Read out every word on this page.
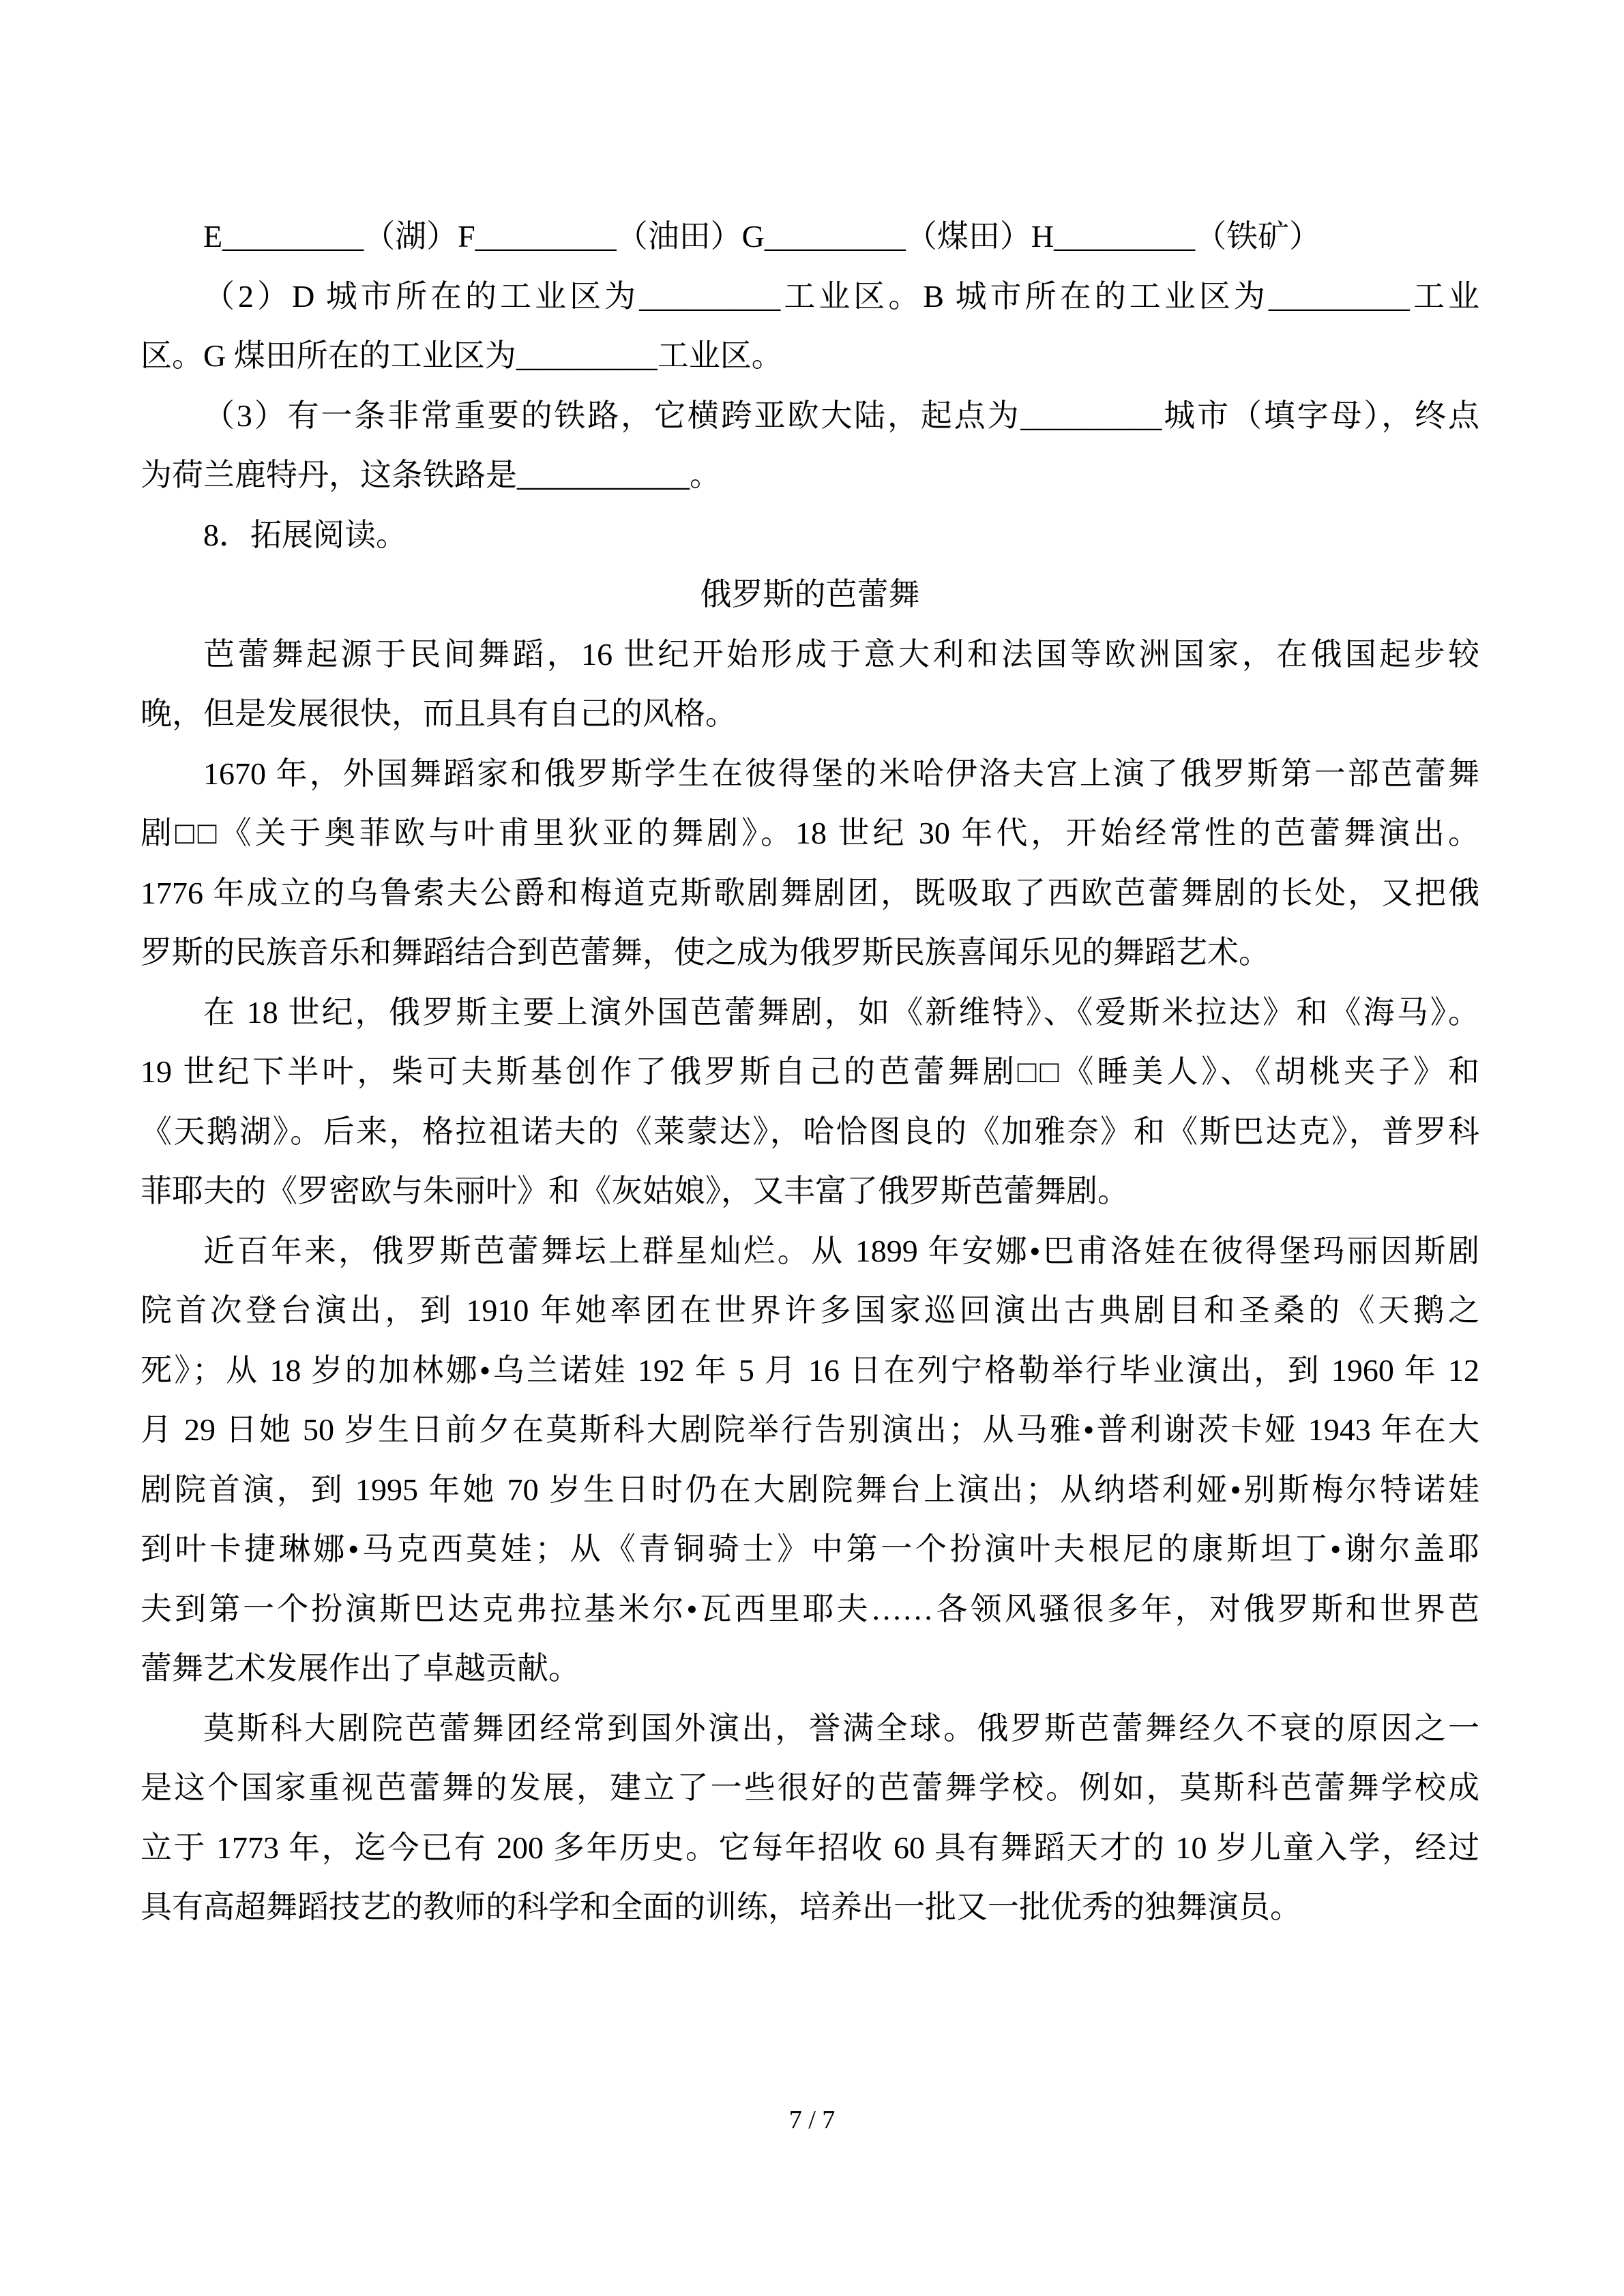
E_________（湖）F_________（油田）G_________（煤田）H_________（铁矿）
（2）D 城市所在的工业区为_________工业区。B 城市所在的工业区为_________工业
区。G 煤田所在的工业区为_________工业区。
（3）有一条非常重要的铁路，它横跨亚欧大陆，起点为_________城市（填字母），终点
为荷兰鹿特丹，这条铁路是___________。
8．拓展阅读。
俄罗斯的芭蕾舞
芭蕾舞起源于民间舞蹈，16 世纪开始形成于意大利和法国等欧洲国家，在俄国起步较
晚，但是发展很快，而且具有自己的风格。
1670 年，外国舞蹈家和俄罗斯学生在彼得堡的米哈伊洛夫宫上演了俄罗斯第一部芭蕾舞
剧□□《关于奥菲欧与叶甫里狄亚的舞剧》。18 世纪 30 年代，开始经常性的芭蕾舞演出。
1776 年成立的乌鲁索夫公爵和梅道克斯歌剧舞剧团，既吸取了西欧芭蕾舞剧的长处，又把俄
罗斯的民族音乐和舞蹈结合到芭蕾舞，使之成为俄罗斯民族喜闻乐见的舞蹈艺术。
在 18 世纪，俄罗斯主要上演外国芭蕾舞剧，如《新维特》、《爱斯米拉达》和《海马》。
19 世纪下半叶，柴可夫斯基创作了俄罗斯自己的芭蕾舞剧□□《睡美人》、《胡桃夹子》和
《天鹅湖》。后来，格拉祖诺夫的《莱蒙达》，哈恰图良的《加雅奈》和《斯巴达克》，普罗科
菲耶夫的《罗密欧与朱丽叶》和《灰姑娘》，又丰富了俄罗斯芭蕾舞剧。
近百年来，俄罗斯芭蕾舞坛上群星灿烂。从 1899 年安娜•巴甫洛娃在彼得堡玛丽因斯剧
院首次登台演出，到 1910 年她率团在世界许多国家巡回演出古典剧目和圣桑的《天鹅之
死》；从 18 岁的加林娜•乌兰诺娃 192 年 5 月 16 日在列宁格勒举行毕业演出，到 1960 年 12
月 29 日她 50 岁生日前夕在莫斯科大剧院举行告别演出；从马雅•普利谢茨卡娅 1943 年在大
剧院首演，到 1995 年她 70 岁生日时仍在大剧院舞台上演出；从纳塔利娅•别斯梅尔特诺娃
到叶卡捷琳娜•马克西莫娃；从《青铜骑士》中第一个扮演叶夫根尼的康斯坦丁•谢尔盖耶
夫到第一个扮演斯巴达克弗拉基米尔•瓦西里耶夫……各领风骚很多年，对俄罗斯和世界芭
蕾舞艺术发展作出了卓越贡献。
莫斯科大剧院芭蕾舞团经常到国外演出，誉满全球。俄罗斯芭蕾舞经久不衰的原因之一
是这个国家重视芭蕾舞的发展，建立了一些很好的芭蕾舞学校。例如，莫斯科芭蕾舞学校成
立于 1773 年，迄今已有 200 多年历史。它每年招收 60 具有舞蹈天才的 10 岁儿童入学，经过
具有高超舞蹈技艺的教师的科学和全面的训练，培养出一批又一批优秀的独舞演员。
7 / 7
